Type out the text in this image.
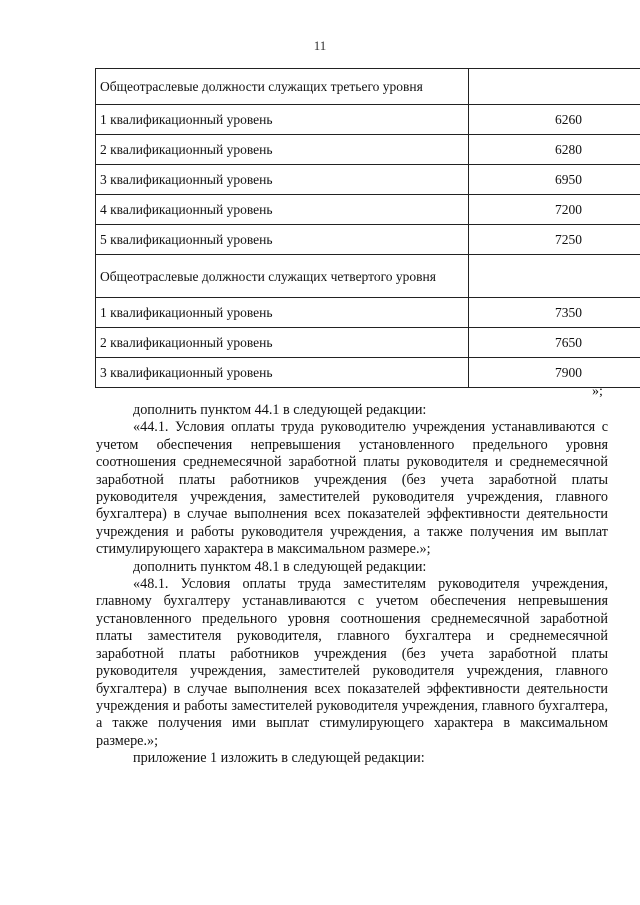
11
Общеотраслевые должности служащих третьего уровня	
1 квалификационный уровень	6260
2 квалификационный уровень	6280
3 квалификационный уровень	6950
4 квалификационный уровень	7200
5 квалификационный уровень	7250
Общеотраслевые должности служащих четвертого уровня	
1 квалификационный уровень	7350
2 квалификационный уровень	7650
3 квалификационный уровень	7900
»;

дополнить пунктом 44.1 в следующей редакции:

«44.1. Условия оплаты труда руководителю учреждения устанавливаются с учетом обеспечения непревышения установленного предельного уровня соотношения среднемесячной заработной платы руководителя и среднемесячной заработной платы работников учреждения (без учета заработной платы руководителя учреждения, заместителей руководителя учреждения, главного бухгалтера) в случае выполнения всех показателей эффективности деятельности учреждения и работы руководителя учреждения, а также получения им выплат стимулирующего характера в максимальном размере.»;

дополнить пунктом 48.1 в следующей редакции:

«48.1. Условия оплаты труда заместителям руководителя учреждения, главному бухгалтеру устанавливаются с учетом обеспечения непревышения установленного предельного уровня соотношения среднемесячной заработной платы заместителя руководителя, главного бухгалтера и среднемесячной заработной платы работников учреждения (без учета заработной платы руководителя учреждения, заместителей руководителя учреждения, главного бухгалтера) в случае выполнения всех показателей эффективности деятельности учреждения и работы заместителей руководителя учреждения, главного бухгалтера, а также получения ими выплат стимулирующего характера в максимальном размере.»;

приложение 1 изложить в следующей редакции:
